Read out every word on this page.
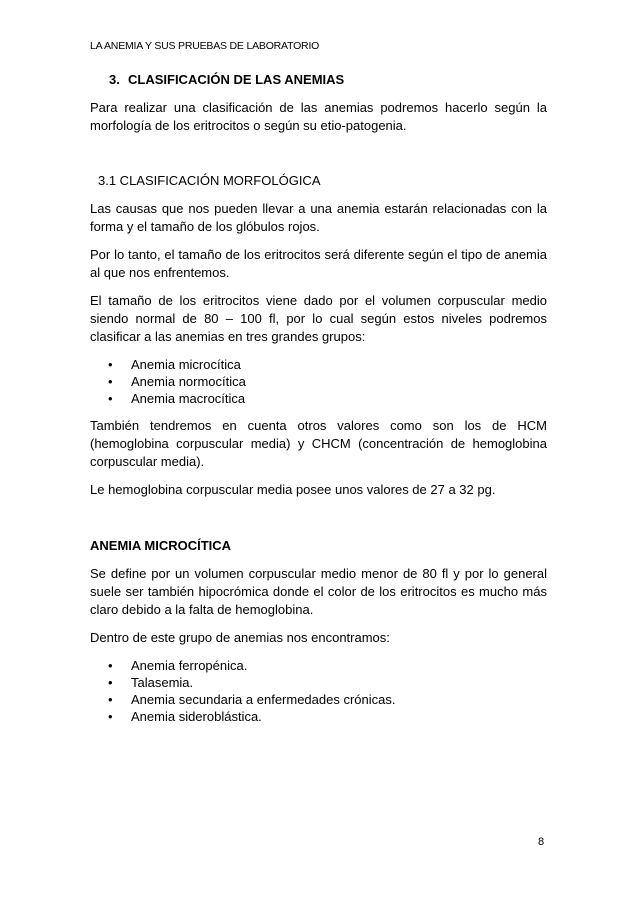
LA ANEMIA Y SUS PRUEBAS DE LABORATORIO
3. CLASIFICACIÓN DE LAS ANEMIAS

Para realizar una clasificación de las anemias podremos hacerlo según la morfología de los eritrocitos o según su etio-patogenia.

3.1 CLASIFICACIÓN MORFOLÓGICA

Las causas que nos pueden llevar a una anemia estarán relacionadas con la forma y el tamaño de los glóbulos rojos.

Por lo tanto, el tamaño de los eritrocitos será diferente según el tipo de anemia al que nos enfrentemos.

El tamaño de los eritrocitos viene dado por el volumen corpuscular medio siendo normal de 80 – 100 fl, por lo cual según estos niveles podremos clasificar a las anemias en tres grandes grupos:

• Anemia microcítica
• Anemia normocítica
• Anemia macrocítica

También tendremos en cuenta otros valores como son los de HCM (hemoglobina corpuscular media) y CHCM (concentración de hemoglobina corpuscular media).

Le hemoglobina corpuscular media posee unos valores de 27 a 32 pg.

ANEMIA MICROCÍTICA

Se define por un volumen corpuscular medio menor de 80 fl y por lo general suele ser también hipocrómica donde el color de los eritrocitos es mucho más claro debido a la falta de hemoglobina.

Dentro de este grupo de anemias nos encontramos:

• Anemia ferropénica.
• Talasemia.
• Anemia secundaria a enfermedades crónicas.
• Anemia sideroblástica.
8
